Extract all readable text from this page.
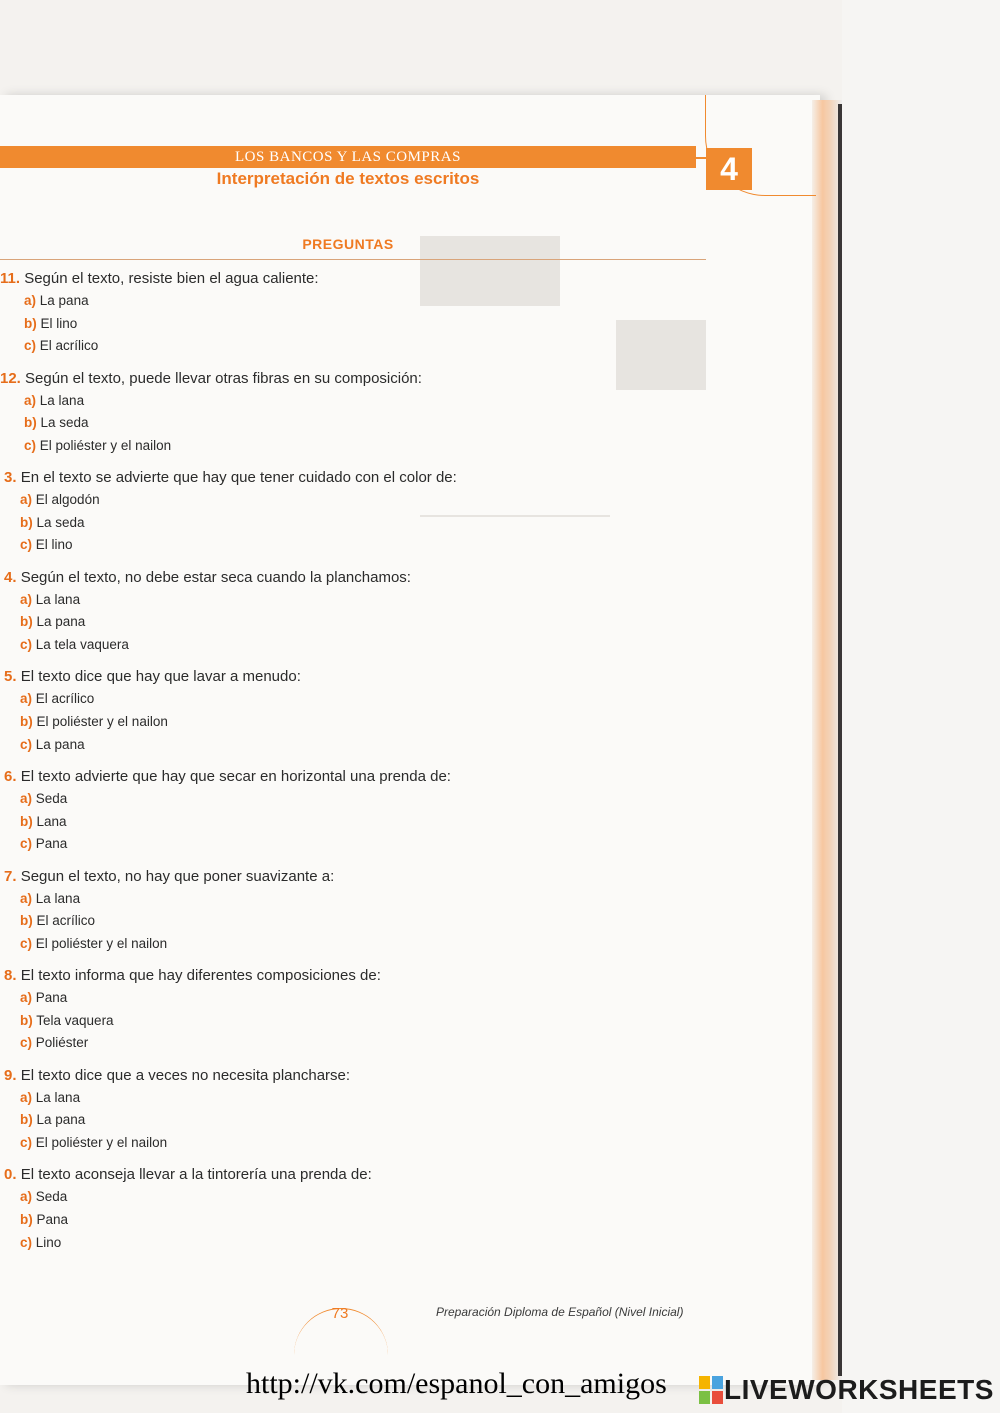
LOS BANCOS Y LAS COMPRAS
Interpretación de textos escritos	4
PREGUNTAS
11. Según el texto, resiste bien el agua caliente:
a) La pana
b) El lino
c) El acrílico
12. Según el texto, puede llevar otras fibras en su composición:
a) La lana
b) La seda
c) El poliéster y el nailon
3. En el texto se advierte que hay que tener cuidado con el color de:
a) El algodón
b) La seda
c) El lino
4. Según el texto, no debe estar seca cuando la planchamos:
a) La lana
b) La pana
c) La tela vaquera
5. El texto dice que hay que lavar a menudo:
a) El acrílico
b) El poliéster y el nailon
c) La pana
6. El texto advierte que hay que secar en horizontal una prenda de:
a) Seda
b) Lana
c) Pana
7. Segun el texto, no hay que poner suavizante a:
a) La lana
b) El acrílico
c) El poliéster y el nailon
8. El texto informa que hay diferentes composiciones de:
a) Pana
b) Tela vaquera
c) Poliéster
9. El texto dice que a veces no necesita plancharse:
a) La lana
b) La pana
c) El poliéster y el nailon
0. El texto aconseja llevar a la tintorería una prenda de:
a) Seda
b) Pana
c) Lino
73	Preparación Diploma de Español (Nivel Inicial)
http://vk.com/espanol_con_amigos LIVEWORKSHEETS
